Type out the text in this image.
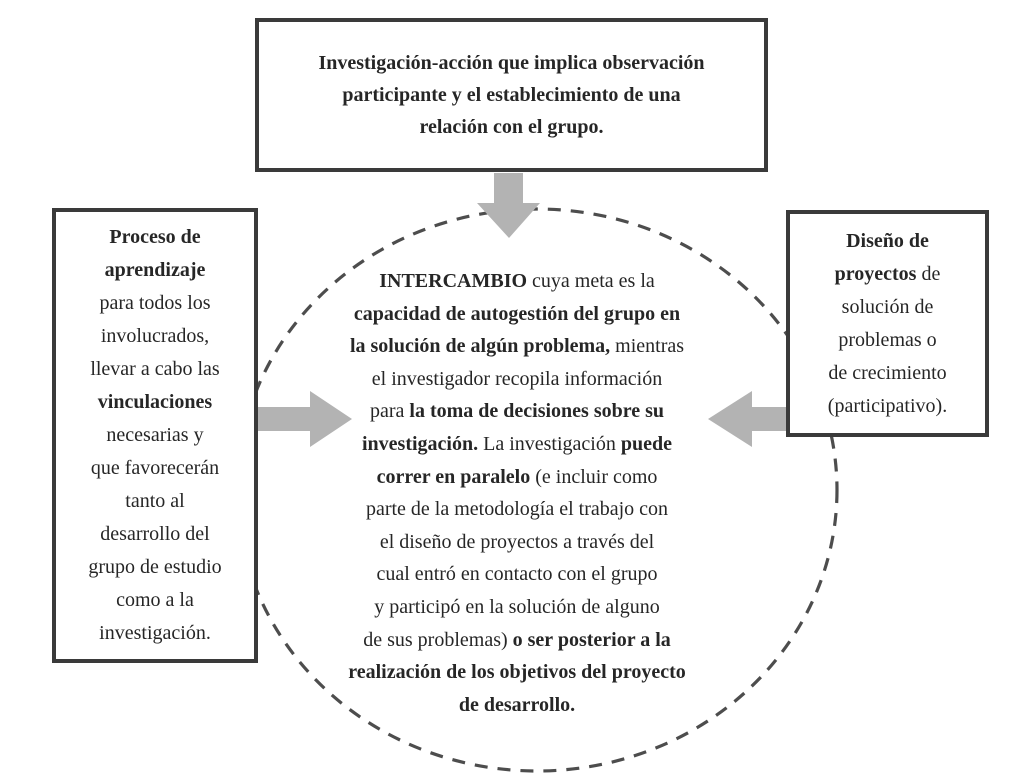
Investigación-acción que implica observación
participante y el establecimiento de una
relación con el grupo.
Proceso de
aprendizaje
para todos los
involucrados,
llevar a cabo las
vinculaciones
necesarias y
que favorecerán
tanto al
desarrollo del
grupo de estudio
como a la
investigación.
Diseño de
proyectos de
solución de
problemas o
de crecimiento
(participativo).
INTERCAMBIO cuya meta es la
capacidad de autogestión del grupo en
la solución de algún problema, mientras
el investigador recopila información
para la toma de decisiones sobre su
investigación. La investigación puede
correr en paralelo (e incluir como
parte de la metodología el trabajo con
el diseño de proyectos a través del
cual entró en contacto con el grupo
y participó en la solución de alguno
de sus problemas) o ser posterior a la
realización de los objetivos del proyecto
de desarrollo.
